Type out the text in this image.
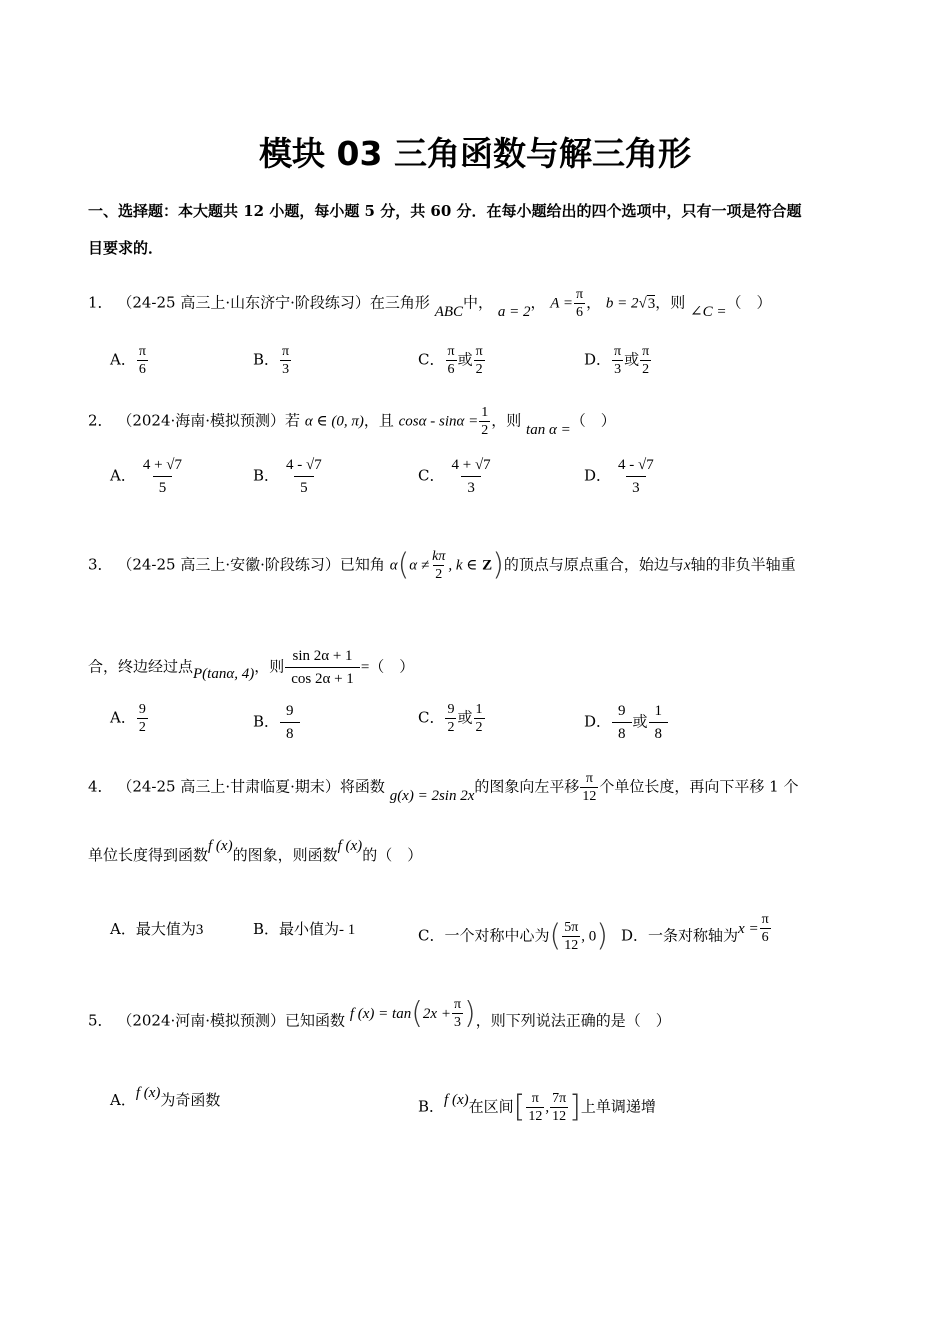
模块 03 三角函数与解三角形
一、选择题：本大题共 12 小题，每小题 5 分，共 60 分．在每小题给出的四个选项中，只有一项是符合题
目要求的．
1． （24-25 高三上·山东济宁·阶段练习）在三角形 ABC中， a = 2， $A = \frac{\pi}{6}$ ， b = 2√3，则 ∠C =（　）
A． $\frac{\pi}{6}$	B． $\frac{\pi}{3}$	C． $\frac{\pi}{6}$ 或 $\frac{\pi}{2}$	D． $\frac{\pi}{3}$ 或 $\frac{\pi}{2}$
2． （2024·海南·模拟预测）若 α ∈ (0, π)，且 $\cos\alpha - \sin\alpha = \frac{1}{2}$ ，则 tan α =（　）
A． $\frac{4 + √7}{5}$	B． $\frac{4 - √7}{5}$	C． $\frac{4 + √7}{3}$	D． $\frac{4 - √7}{3}$
3． （24-25 高三上·安徽·阶段练习）已知角 $\alpha(\alpha \ne \frac{k\pi}{2}$ , k ∈ Z)的顶点与原点重合，始边与x轴的非负半轴重
合，终边经过点P(tanα, 4)，则 $\frac{\sin 2\alpha + 1}{\cos 2\alpha + 1}$ =（　）
A． $\frac{9}{2}$	B． $\frac{9}{8}$	C． $\frac{9}{2}$ 或 $\frac{1}{2}$	D． $\frac{9}{8}$ 或 $\frac{1}{8}$
4． （24-25 高三上·甘肃临夏·期末）将函数 g(x) = 2sin 2x的图象向左平移 $\frac{\pi}{12}$ 个单位长度，再向下平移 1 个
单位长度得到函数f (x)的图象，则函数f (x)的（　）
A．最大值为3	B．最小值为- 1	C．一个对称中心为( $\frac{5\pi}{12}$ , 0) D．一条对称轴为$x = \frac{\pi}{6}$
5． （2024·河南·模拟预测）已知函数 f $(x) = \tan(2x + \frac{\pi}{3}$ )，则下列说法正确的是（　）
A．f (x)为奇函数	B．f (x)在区间[ $\frac{\pi}{12}$ , $\frac{7\pi}{12}$ ]上单调递增
